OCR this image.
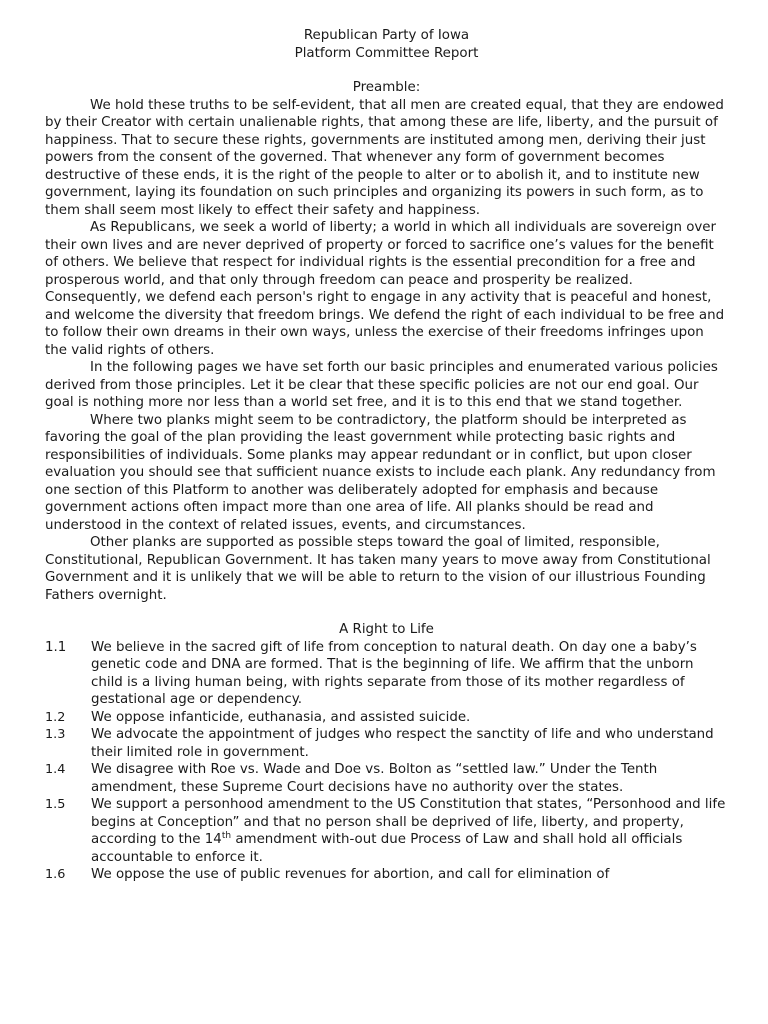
Republican Party of Iowa
Platform Committee Report
Preamble:
We hold these truths to be self-evident, that all men are created equal, that they are endowed by their Creator with certain unalienable rights, that among these are life, liberty, and the pursuit of happiness. That to secure these rights, governments are instituted among men, deriving their just powers from the consent of the governed. That whenever any form of government becomes destructive of these ends, it is the right of the people to alter or to abolish it, and to institute new government, laying its foundation on such principles and organizing its powers in such form, as to them shall seem most likely to effect their safety and happiness.
As Republicans, we seek a world of liberty; a world in which all individuals are sovereign over their own lives and are never deprived of property or forced to sacrifice one’s values for the benefit of others. We believe that respect for individual rights is the essential precondition for a free and prosperous world, and that only through freedom can peace and prosperity be realized. Consequently, we defend each person's right to engage in any activity that is peaceful and honest, and welcome the diversity that freedom brings. We defend the right of each individual to be free and to follow their own dreams in their own ways, unless the exercise of their freedoms infringes upon the valid rights of others.
In the following pages we have set forth our basic principles and enumerated various policies derived from those principles. Let it be clear that these specific policies are not our end goal. Our goal is nothing more nor less than a world set free, and it is to this end that we stand together.
Where two planks might seem to be contradictory, the platform should be interpreted as favoring the goal of the plan providing the least government while protecting basic rights and responsibilities of individuals. Some planks may appear redundant or in conflict, but upon closer evaluation you should see that sufficient nuance exists to include each plank. Any redundancy from one section of this Platform to another was deliberately adopted for emphasis and because government actions often impact more than one area of life. All planks should be read and understood in the context of related issues, events, and circumstances.
Other planks are supported as possible steps toward the goal of limited, responsible, Constitutional, Republican Government. It has taken many years to move away from Constitutional Government and it is unlikely that we will be able to return to the vision of our illustrious Founding Fathers overnight.
A Right to Life
1.1	We believe in the sacred gift of life from conception to natural death. On day one a baby’s genetic code and DNA are formed. That is the beginning of life. We affirm that the unborn child is a living human being, with rights separate from those of its mother regardless of gestational age or dependency.
1.2	We oppose infanticide, euthanasia, and assisted suicide.
1.3	We advocate the appointment of judges who respect the sanctity of life and who understand their limited role in government.
1.4	We disagree with Roe vs. Wade and Doe vs. Bolton as “settled law.” Under the Tenth amendment, these Supreme Court decisions have no authority over the states.
1.5	We support a personhood amendment to the US Constitution that states, “Personhood and life begins at Conception” and that no person shall be deprived of life, liberty, and property, according to the 14th amendment with-out due Process of Law and shall hold all officials accountable to enforce it.
1.6	We oppose the use of public revenues for abortion, and call for elimination of
